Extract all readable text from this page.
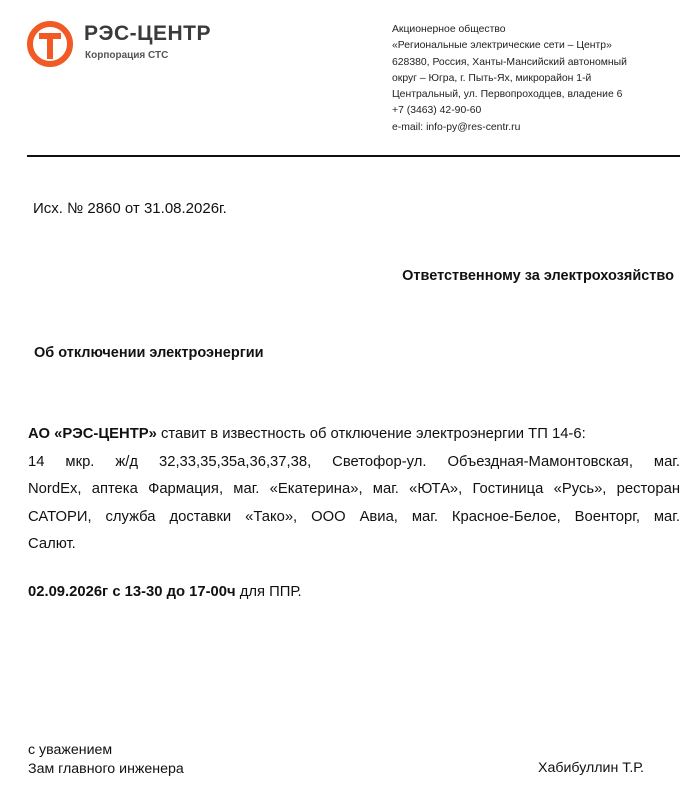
РЭС-ЦЕНТР
Корпорация СТС
Акционерное общество
«Региональные электрические сети – Центр»
628380, Россия, Ханты-Мансийский автономный
округ – Югра, г. Пыть-Ях, микрорайон 1-й
Центральный, ул. Первопроходцев, владение 6
+7 (3463) 42-90-60
e-mail: info-py@res-centr.ru
Исх. № 2860 от 31.08.2026г.
Ответственному за электрохозяйство
Об отключении электроэнергии
АО «РЭС-ЦЕНТР» ставит в известность об отключение электроэнергии ТП 14-6:
14 мкр. ж/д 32,33,35,35а,36,37,38, Светофор-ул. Объездная-Мамонтовская, маг.
NordEx, аптека Фармация, маг. «Екатерина», маг. «ЮТА», Гостиница «Русь», ресторан
САТОРИ, служба доставки «Тако», ООО Авиа, маг. Красное-Белое, Военторг, маг.
Салют.
02.09.2026г с 13-30 до 17-00ч для ППР.
с уважением
Зам главного инженера	Хабибуллин Т.Р.
